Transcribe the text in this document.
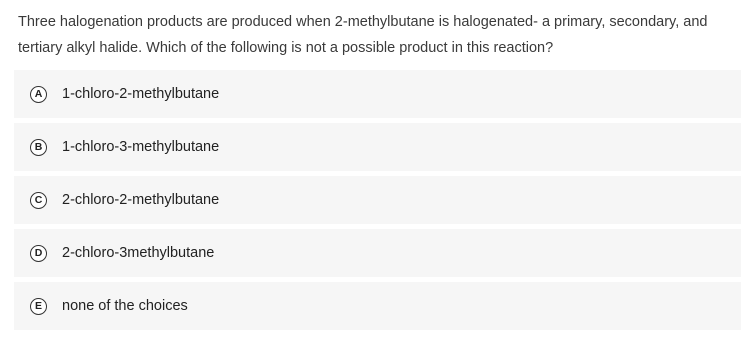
Three halogenation products are produced when 2-methylbutane is halogenated- a primary, secondary, and tertiary alkyl halide. Which of the following is not a possible product in this reaction?

A	1-chloro-2-methylbutane
B	1-chloro-3-methylbutane
C	2-chloro-2-methylbutane
D	2-chloro-3methylbutane
E	none of the choices
